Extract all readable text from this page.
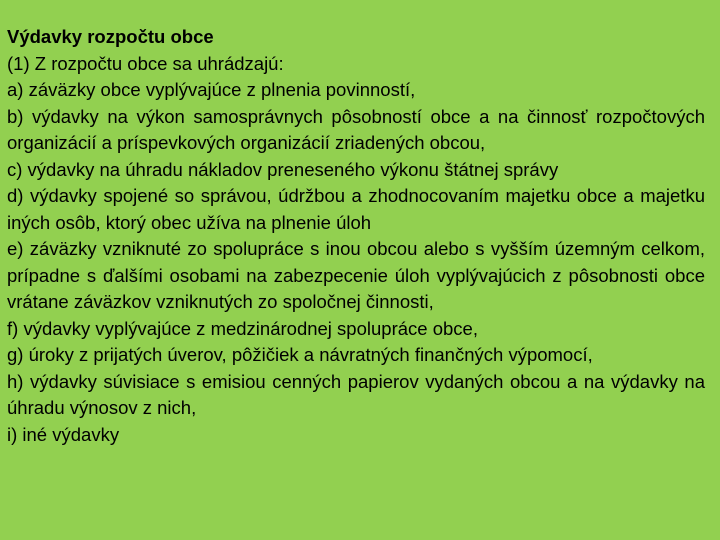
Výdavky rozpočtu obce

(1) Z rozpočtu obce sa uhrádzajú:

a) záväzky obce vyplývajúce z plnenia povinností,

b) výdavky na výkon samosprávnych pôsobností obce a na činnosť rozpočtových organizácií a príspevkových organizácií zriadených obcou,

c) výdavky na úhradu nákladov preneseného výkonu štátnej správy

d) výdavky spojené so správou, údržbou a zhodnocovaním majetku obce a majetku iných osôb, ktorý obec užíva na plnenie úloh

e) záväzky vzniknuté zo spolupráce s inou obcou alebo s vyšším územným celkom, prípadne s ďalšími osobami na zabezpecenie úloh vyplývajúcich z pôsobnosti obce vrátane záväzkov vzniknutých zo spoločnej činnosti,

f) výdavky vyplývajúce z medzinárodnej spolupráce obce,

g) úroky z prijatých úverov, pôžičiek a návratných finančných výpomocí,

h) výdavky súvisiace s emisiou cenných papierov vydaných obcou a na výdavky na úhradu výnosov z nich,

i) iné výdavky
